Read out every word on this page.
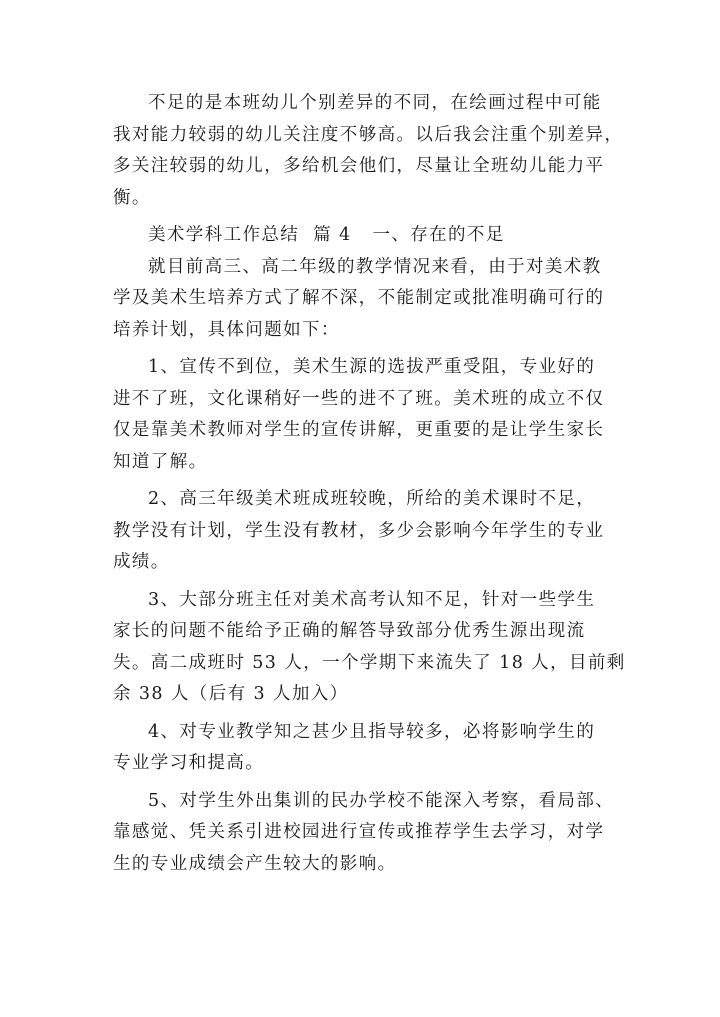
不足的是本班幼儿个别差异的不同，在绘画过程中可能
我对能力较弱的幼儿关注度不够高。以后我会注重个别差异，
多关注较弱的幼儿，多给机会他们，尽量让全班幼儿能力平
衡。
美术学科工作总结 篇 4 一、存在的不足
就目前高三、高二年级的教学情况来看，由于对美术教
学及美术生培养方式了解不深，不能制定或批准明确可行的
培养计划，具体问题如下：
1、宣传不到位，美术生源的选拔严重受阻，专业好的
进不了班，文化课稍好一些的进不了班。美术班的成立不仅
仅是靠美术教师对学生的宣传讲解，更重要的是让学生家长
知道了解。
2、高三年级美术班成班较晚，所给的美术课时不足，
教学没有计划，学生没有教材，多少会影响今年学生的专业
成绩。
3、大部分班主任对美术高考认知不足，针对一些学生
家长的问题不能给予正确的解答导致部分优秀生源出现流
失。高二成班时 53 人，一个学期下来流失了 18 人，目前剩
余 38 人（后有 3 人加入）
4、对专业教学知之甚少且指导较多，必将影响学生的
专业学习和提高。
5、对学生外出集训的民办学校不能深入考察，看局部、
靠感觉、凭关系引进校园进行宣传或推荐学生去学习，对学
生的专业成绩会产生较大的影响。
